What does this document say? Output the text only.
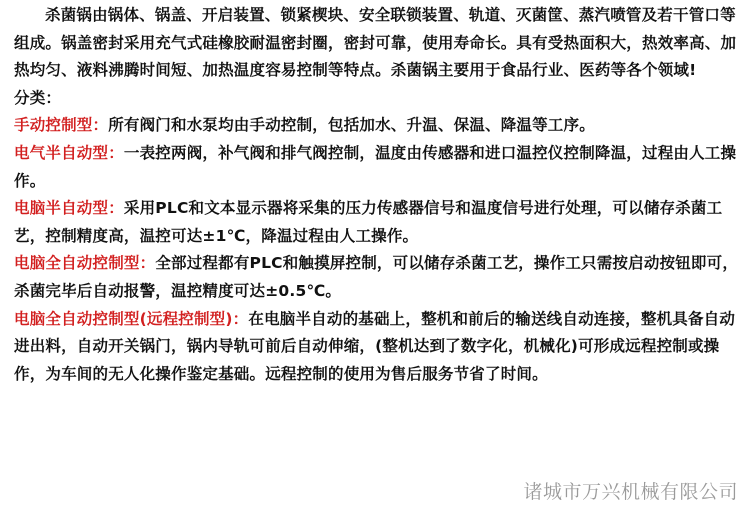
杀菌锅由锅体、锅盖、开启装置、锁紧楔块、安全联锁装置、轨道、灭菌筐、蒸汽喷管及若干管口等组成。锅盖密封采用充气式硅橡胶耐温密封圈，密封可靠，使用寿命长。具有受热面积大，热效率高、加热均匀、液料沸腾时间短、加热温度容易控制等特点。杀菌锅主要用于食品行业、医药等各个领域!

分类：

手动控制型：所有阀门和水泵均由手动控制，包括加水、升温、保温、降温等工序。

电气半自动型：一表控两阀，补气阀和排气阀控制，温度由传感器和进口温控仪控制降温，过程由人工操作。

电脑半自动型：采用PLC和文本显示器将采集的压力传感器信号和温度信号进行处理，可以储存杀菌工艺，控制精度高，温控可达±1℃，降温过程由人工操作。

电脑全自动控制型：全部过程都有PLC和触摸屏控制，可以储存杀菌工艺，操作工只需按启动按钮即可，杀菌完毕后自动报警，温控精度可达±0.5℃。

电脑全自动控制型(远程控制型)：在电脑半自动的基础上，整机和前后的输送线自动连接，整机具备自动进出料，自动开关锅门，锅内导轨可前后自动伸缩，(整机达到了数字化，机械化)可形成远程控制或操作，为车间的无人化操作鉴定基础。远程控制的使用为售后服务节省了时间。

诸城市万兴机械有限公司
